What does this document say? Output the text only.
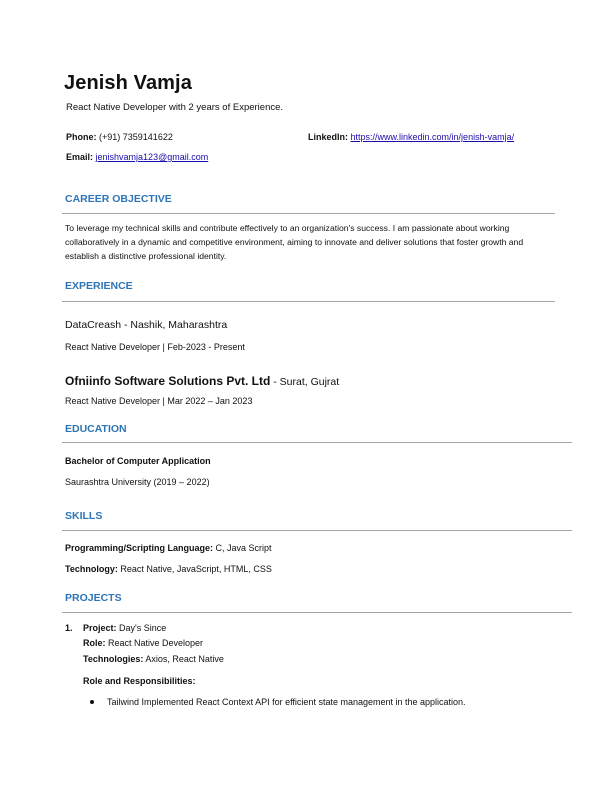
Jenish Vamja
React Native Developer with 2 years of Experience.
Phone: (+91) 7359141622	LinkedIn: https://www.linkedin.com/in/jenish-vamja/
Email: jenishvamja123@gmail.com
CAREER OBJECTIVE
To leverage my technical skills and contribute effectively to an organization's success. I am passionate about working collaboratively in a dynamic and competitive environment, aiming to innovate and deliver solutions that foster growth and establish a distinctive professional identity.
EXPERIENCE
DataCreash - Nashik, Maharashtra
React Native Developer | Feb-2023 - Present
Ofniinfo Software Solutions Pvt. Ltd - Surat, Gujrat
React Native Developer | Mar 2022 – Jan 2023
EDUCATION
Bachelor of Computer Application
Saurashtra University (2019 – 2022)
SKILLS
Programming/Scripting Language: C, Java Script
Technology: React Native, JavaScript, HTML, CSS
PROJECTS
1. Project: Day's Since
Role: React Native Developer
Technologies: Axios, React Native
Role and Responsibilities:
Tailwind Implemented React Context API for efficient state management in the application.
